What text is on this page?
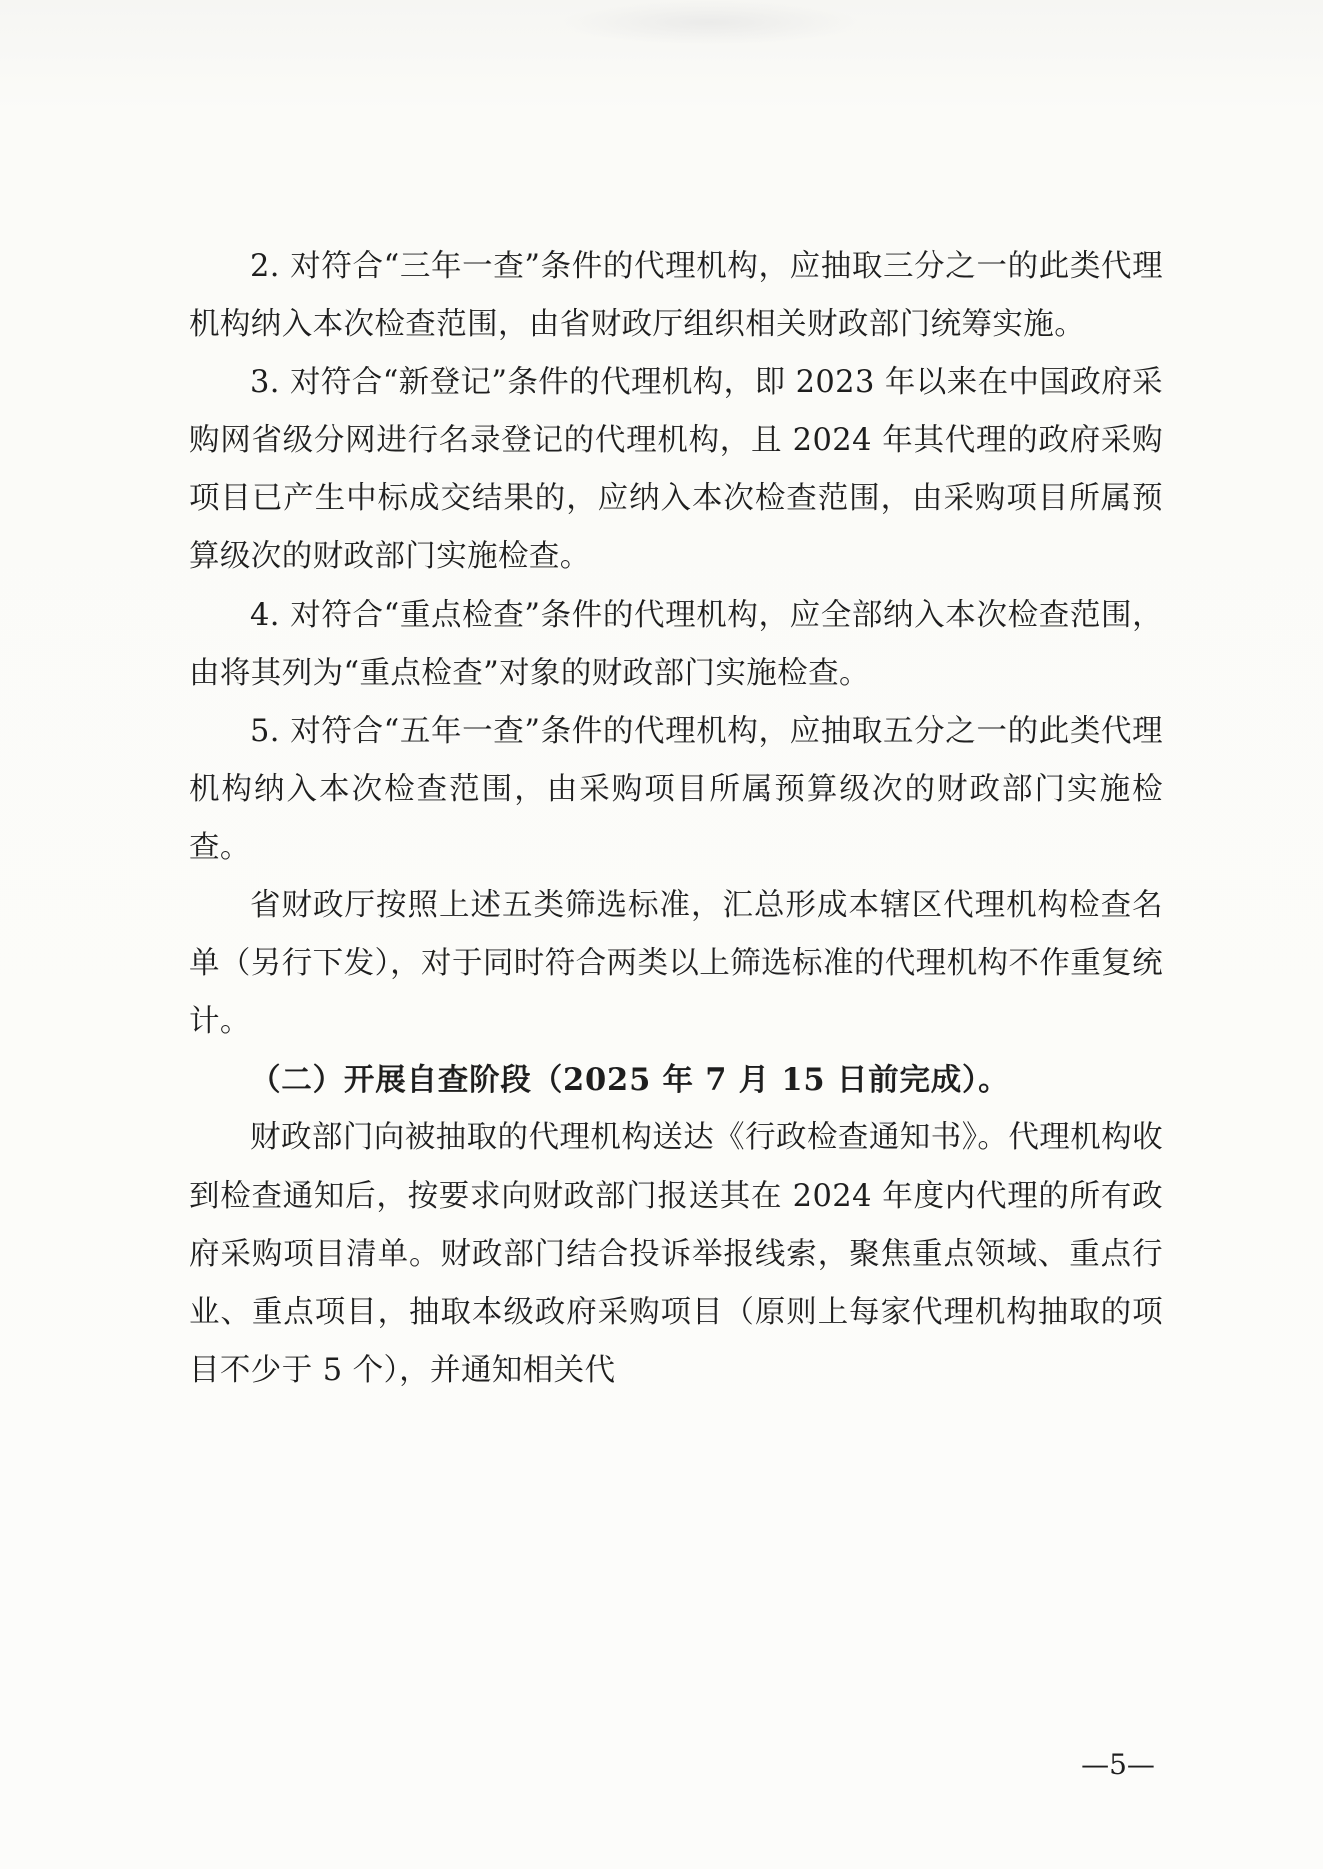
2. 对符合“三年一查”条件的代理机构，应抽取三分之一的此类代理机构纳入本次检查范围，由省财政厅组织相关财政部门统筹实施。

3. 对符合“新登记”条件的代理机构，即 2023 年以来在中国政府采购网省级分网进行名录登记的代理机构，且 2024 年其代理的政府采购项目已产生中标成交结果的，应纳入本次检查范围，由采购项目所属预算级次的财政部门实施检查。

4. 对符合“重点检查”条件的代理机构，应全部纳入本次检查范围，由将其列为“重点检查”对象的财政部门实施检查。

5. 对符合“五年一查”条件的代理机构，应抽取五分之一的此类代理机构纳入本次检查范围，由采购项目所属预算级次的财政部门实施检查。

省财政厅按照上述五类筛选标准，汇总形成本辖区代理机构检查名单（另行下发），对于同时符合两类以上筛选标准的代理机构不作重复统计。

（二）开展自查阶段（2025 年 7 月 15 日前完成）。

财政部门向被抽取的代理机构送达《行政检查通知书》。代理机构收到检查通知后，按要求向财政部门报送其在 2024 年度内代理的所有政府采购项目清单。财政部门结合投诉举报线索，聚焦重点领域、重点行业、重点项目，抽取本级政府采购项目（原则上每家代理机构抽取的项目不少于 5 个），并通知相关代

—5—
